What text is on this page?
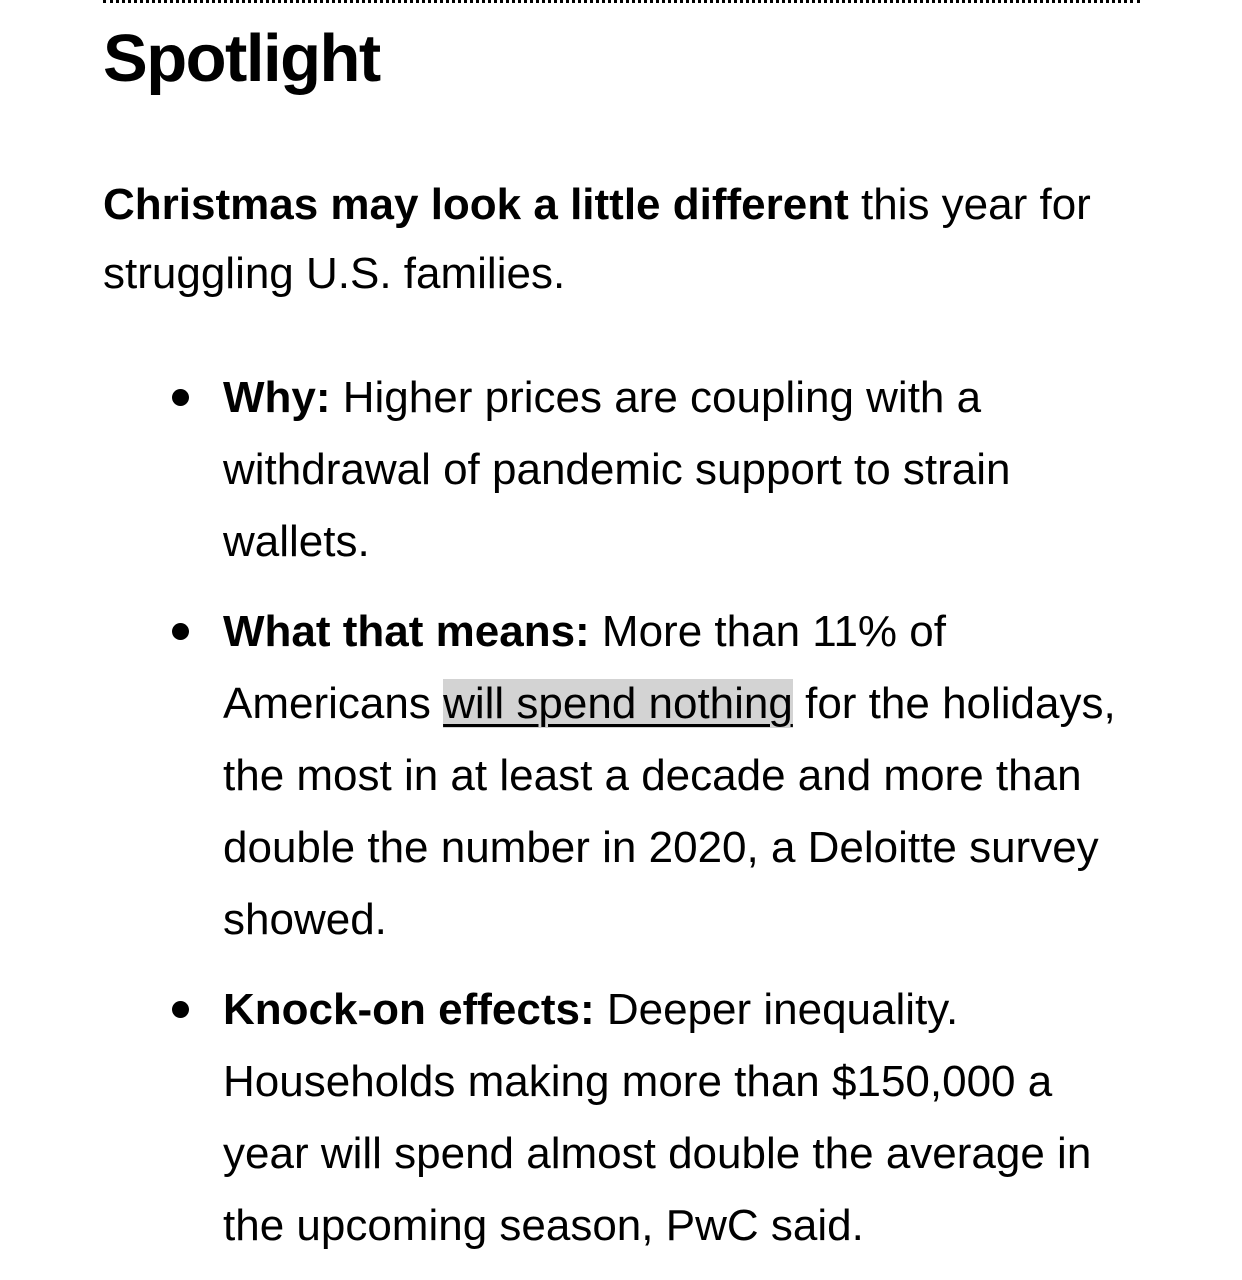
Spotlight

Christmas may look a little different this year for struggling U.S. families.

Why: Higher prices are coupling with a withdrawal of pandemic support to strain wallets.
What that means: More than 11% of Americans will spend nothing for the holidays, the most in at least a decade and more than double the number in 2020, a Deloitte survey showed.
Knock-on effects: Deeper inequality. Households making more than $150,000 a year will spend almost double the average in the upcoming season, PwC said.
